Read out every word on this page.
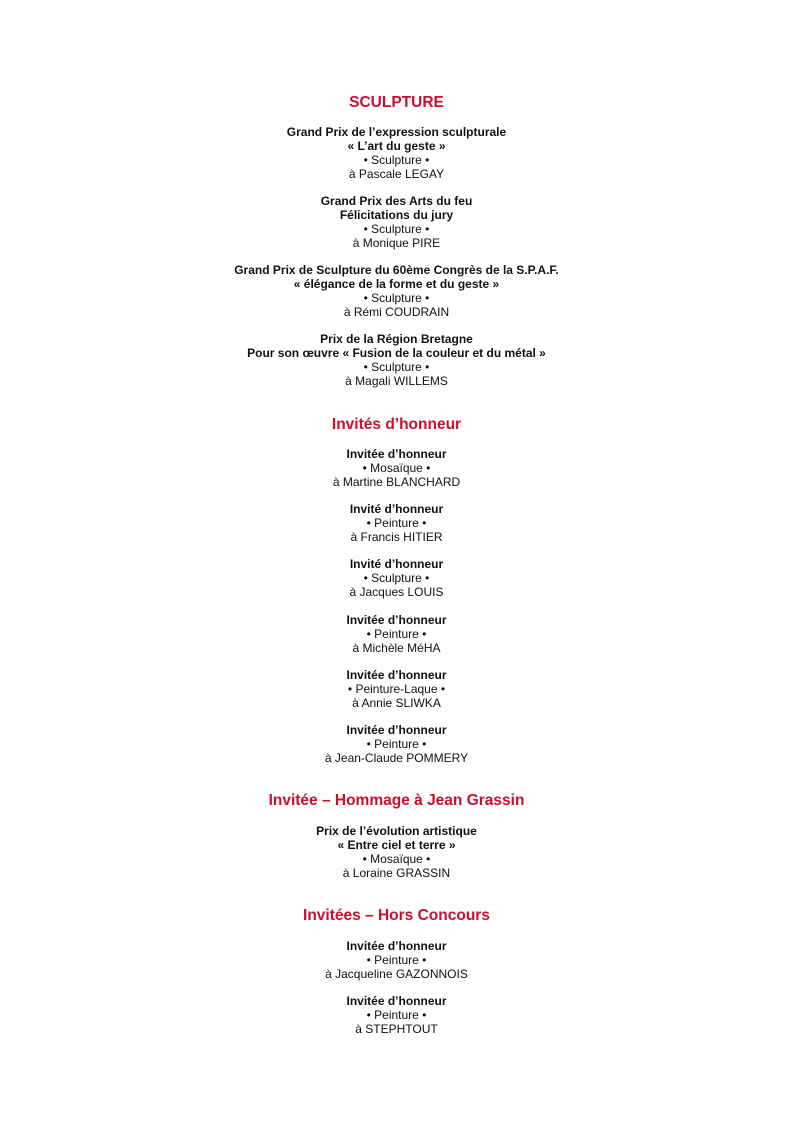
SCULPTURE
Grand Prix de l’expression sculpturale
« L’art du geste »
• Sculpture •
à Pascale LEGAY
Grand Prix des Arts du feu
Félicitations du jury
• Sculpture •
à Monique PIRE
Grand Prix de Sculpture du 60ème Congrès de la S.P.A.F.
« élégance de la forme et du geste »
• Sculpture •
à Rémi COUDRAIN
Prix de la Région Bretagne
Pour son œuvre « Fusion de la couleur et du métal »
• Sculpture •
à Magali WILLEMS
Invités d’honneur
Invitée d’honneur
• Mosaïque •
à Martine BLANCHARD
Invité d’honneur
• Peinture •
à Francis HITIER
Invité d’honneur
• Sculpture •
à Jacques LOUIS
Invitée d’honneur
• Peinture •
à Michèle MéHA
Invitée d’honneur
• Peinture-Laque •
à Annie SLIWKA
Invitée d’honneur
• Peinture •
à Jean-Claude POMMERY
Invitée – Hommage à Jean Grassin
Prix de l’évolution artistique
« Entre ciel et terre »
• Mosaïque •
à Loraine GRASSIN
Invitées – Hors Concours
Invitée d’honneur
• Peinture •
à Jacqueline GAZONNOIS
Invitée d’honneur
• Peinture •
à STEPHTOUT
